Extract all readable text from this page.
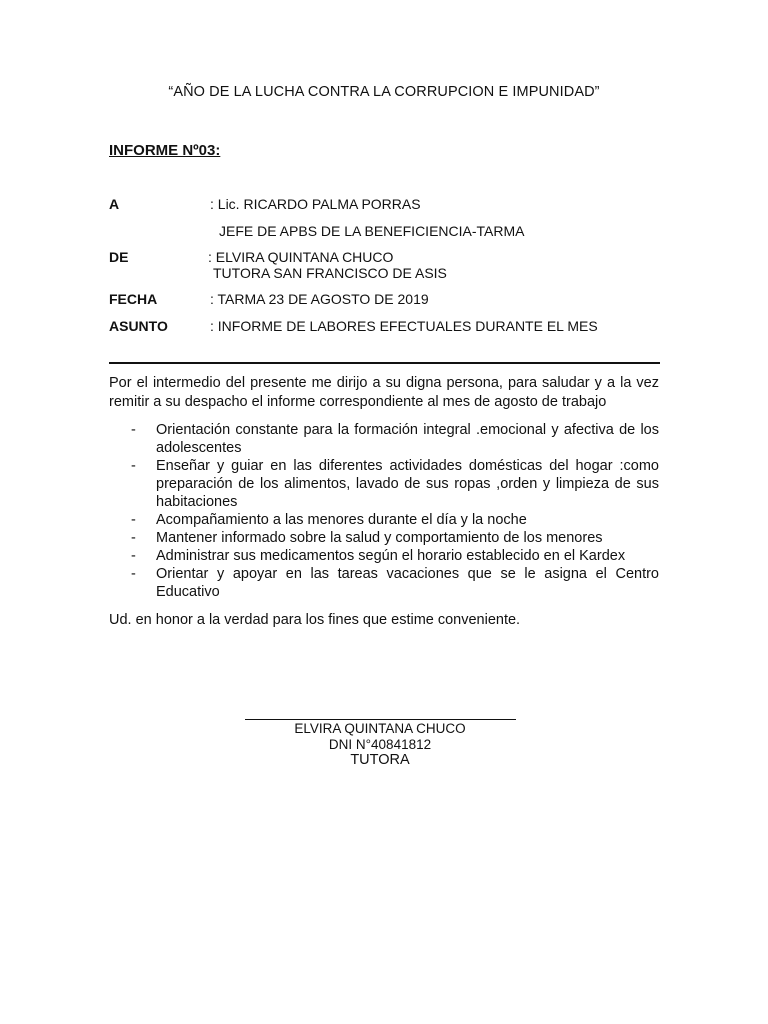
“AÑO DE LA LUCHA CONTRA LA CORRUPCION E IMPUNIDAD”
INFORME Nº03:
A	: Lic. RICARDO PALMA PORRAS
JEFE DE APBS DE LA BENEFICIENCIA-TARMA
DE	: ELVIRA QUINTANA CHUCO
TUTORA SAN FRANCISCO DE ASIS
FECHA	: TARMA 23 DE AGOSTO DE 2019
ASUNTO	: INFORME DE LABORES EFECTUALES DURANTE EL MES

Por el intermedio del presente me dirijo a su digna persona, para saludar y a la vez remitir a su despacho el informe correspondiente al mes de agosto de trabajo

- Orientación constante para la formación integral .emocional y afectiva de los adolescentes
- Enseñar y guiar en las diferentes actividades domésticas del hogar :como preparación de los alimentos, lavado de sus ropas ,orden y limpieza de sus habitaciones
- Acompañamiento a las menores durante el día y la noche
- Mantener informado sobre la salud y comportamiento de los menores
- Administrar sus medicamentos según el horario establecido en el Kardex
- Orientar y apoyar en las tareas vacaciones que se le asigna el Centro Educativo
Ud. en honor a la verdad para los fines que estime conveniente.
ELVIRA QUINTANA CHUCO
DNI N°40841812
TUTORA
